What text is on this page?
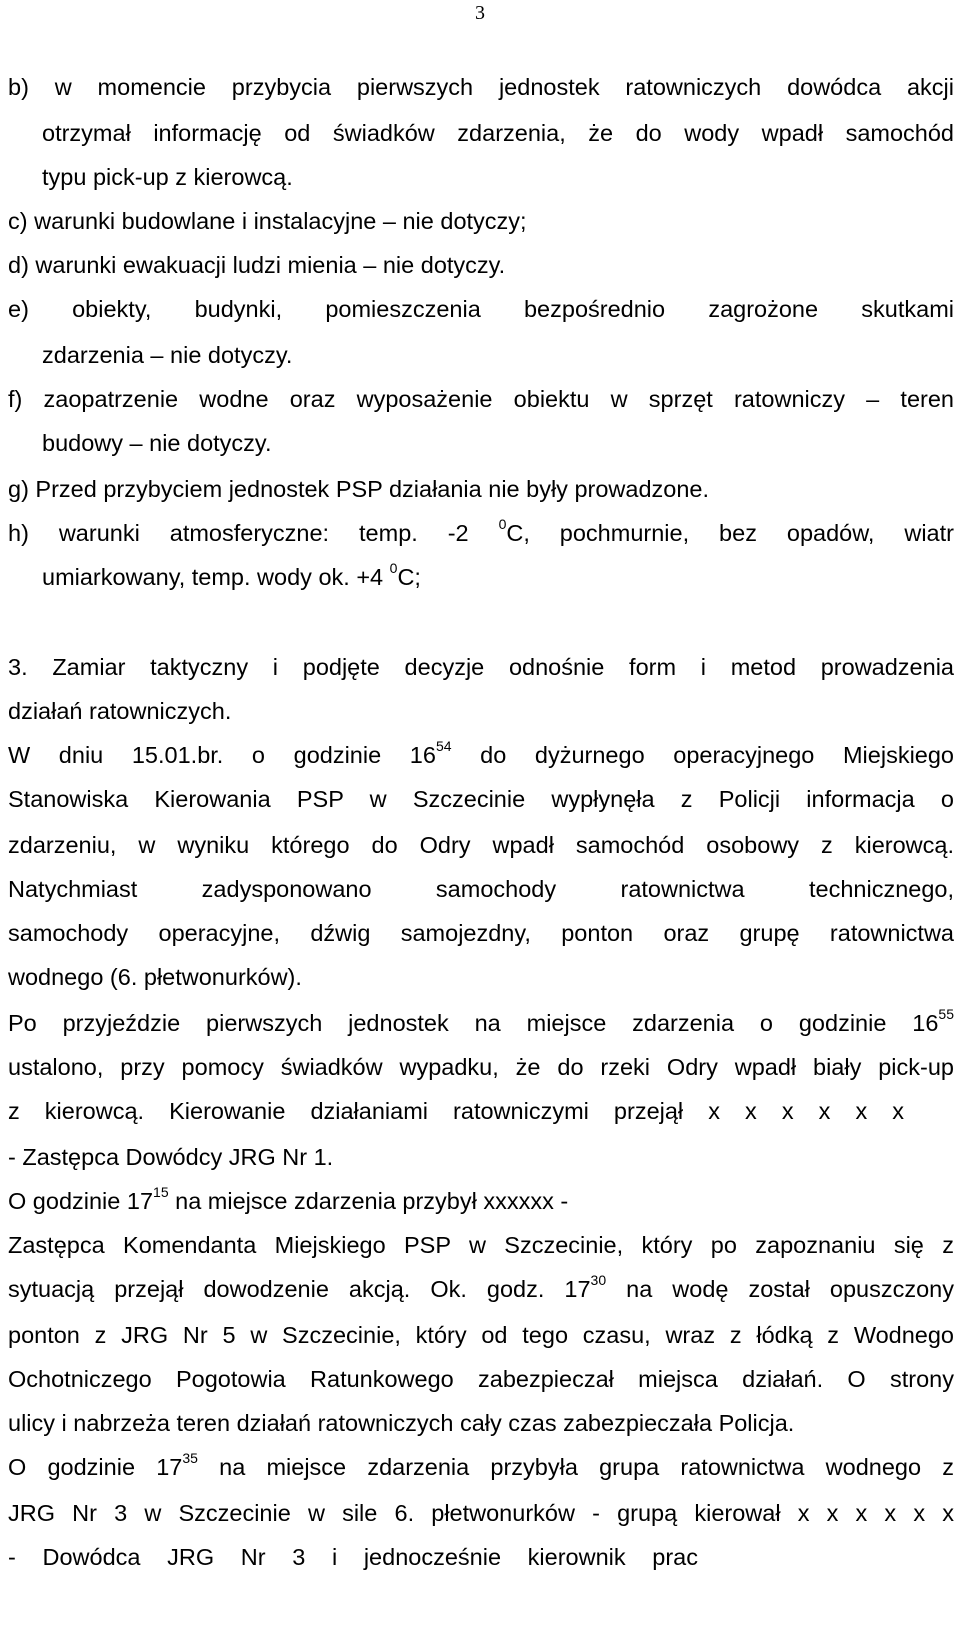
3
b) w momencie przybycia pierwszych jednostek ratowniczych dowódca akcji
otrzymał informację od świadków zdarzenia, że do wody wpadł samochód
typu pick-up z kierowcą.
c) warunki budowlane i instalacyjne – nie dotyczy;
d) warunki ewakuacji ludzi mienia – nie dotyczy.
e) obiekty, budynki, pomieszczenia bezpośrednio zagrożone skutkami
zdarzenia – nie dotyczy.
f) zaopatrzenie wodne oraz wyposażenie obiektu w sprzęt ratowniczy – teren
budowy – nie dotyczy.
g) Przed przybyciem jednostek PSP działania nie były prowadzone.
h) warunki atmosferyczne: temp. -2 $^0$C, pochmurnie, bez opadów, wiatr
umiarkowany, temp. wody ok. +4 $^0$C;
3. Zamiar taktyczny i podjęte decyzje odnośnie form i metod prowadzenia
działań ratowniczych.
W dniu 15.01.br. o godzinie $16^{54}$ do dyżurnego operacyjnego Miejskiego
Stanowiska Kierowania PSP w Szczecinie wypłynęła z Policji informacja o
zdarzeniu, w wyniku którego do Odry wpadł samochód osobowy z kierowcą.
Natychmiast zadysponowano samochody ratownictwa technicznego,
samochody operacyjne, dźwig samojezdny, ponton oraz grupę ratownictwa
wodnego (6. płetwonurków).
Po przyjeździe pierwszych jednostek na miejsce zdarzenia o godzinie $16^{55}$
ustalono, przy pomocy świadków wypadku, że do rzeki Odry wpadł biały pick-up
z kierowcą. Kierowanie działaniami ratowniczymi przejął x x x x x x
- Zastępca Dowódcy JRG Nr 1.
O godzinie $17^{15}$ na miejsce zdarzenia przybył xxxxxx -
Zastępca Komendanta Miejskiego PSP w Szczecinie, który po zapoznaniu się z
sytuacją przejął dowodzenie akcją. Ok. godz. $17^{30}$ na wodę został opuszczony
ponton z JRG Nr 5 w Szczecinie, który od tego czasu, wraz z łódką z Wodnego
Ochotniczego Pogotowia Ratunkowego zabezpieczał miejsca działań. O strony
ulicy i nabrzeża teren działań ratowniczych cały czas zabezpieczała Policja.
O godzinie $17^{35}$ na miejsce zdarzenia przybyła grupa ratownictwa wodnego z
JRG Nr 3 w Szczecinie w sile 6. płetwonurków - grupą kierował x x x x x x
- Dowódca JRG Nr 3 i jednocześnie kierownik prac
